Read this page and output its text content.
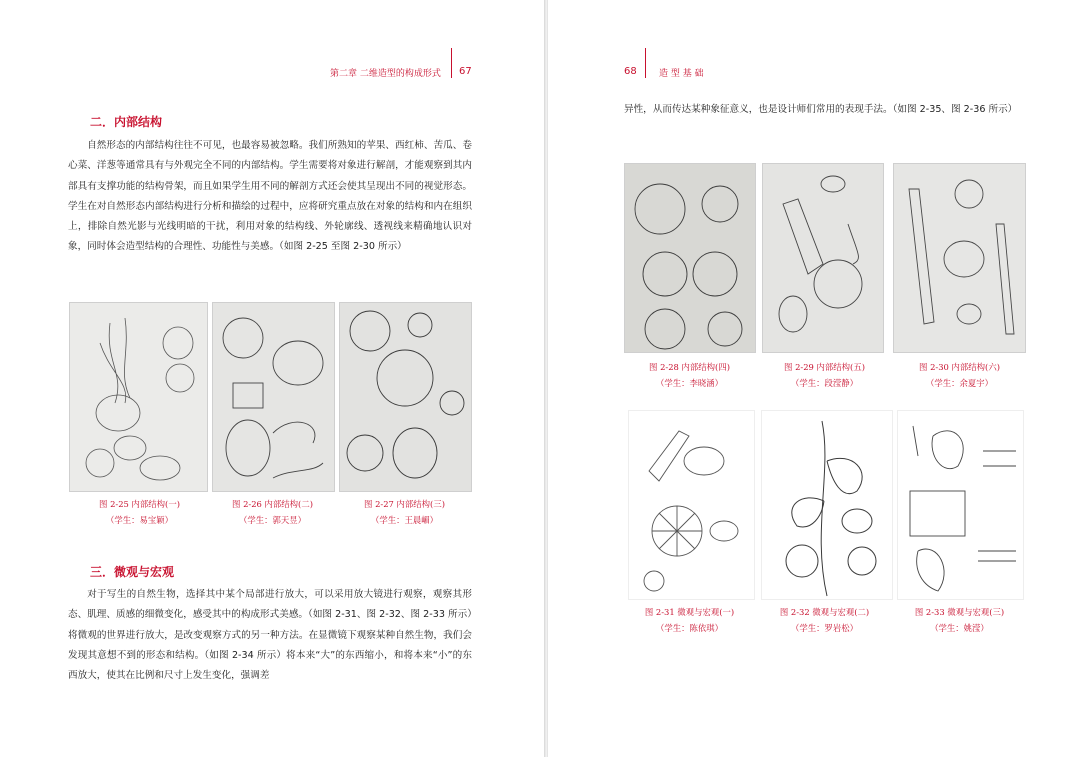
第二章 二维造型的构成形式 67
二．内部结构

自然形态的内部结构往往不可见，也最容易被忽略。我们所熟知的苹果、西红柿、苦瓜、卷心菜、洋葱等通常具有与外观完全不同的内部结构。学生需要将对象进行解剖，才能观察到其内部具有支撑功能的结构骨架，而且如果学生用不同的解剖方式还会使其呈现出不同的视觉形态。学生在对自然形态内部结构进行分析和描绘的过程中，应将研究重点放在对象的结构和内在组织上，排除自然光影与光线明暗的干扰，利用对象的结构线、外轮廓线、透视线来精确地认识对象，同时体会造型结构的合理性、功能性与美感。（如图 2-25 至图 2-30 所示）

图 2-25 内部结构(一)
（学生：易宝颖）
图 2-26 内部结构(二)
（学生：郭天昱）
图 2-27 内部结构(三)
（学生：王晨嵋）
三．微观与宏观

对于写生的自然生物，选择其中某个局部进行放大，可以采用放大镜进行观察，观察其形态、肌理、质感的细微变化，感受其中的构成形式美感。（如图 2-31、图 2-32、图 2-33 所示）将微观的世界进行放大，是改变观察方式的另一种方法。在显微镜下观察某种自然生物，我们会发现其意想不到的形态和结构。（如图 2-34 所示）将本来“大”的东西缩小，和将本来“小”的东西放大，使其在比例和尺寸上发生变化，强调差

68 造 型 基 础

异性，从而传达某种象征意义，也是设计师们常用的表现手法。（如图 2-35、图 2-36 所示）

图 2-28 内部结构(四)
（学生：李晓涵）
图 2-29 内部结构(五)
（学生：段滢静）
图 2-30 内部结构(六)
（学生：余夏宇）
图 2-31 微观与宏观(一)
（学生：陈依琪）
图 2-32 微观与宏观(二)
（学生：罗岩松）
图 2-33 微观与宏观(三)
（学生：姚滢）
